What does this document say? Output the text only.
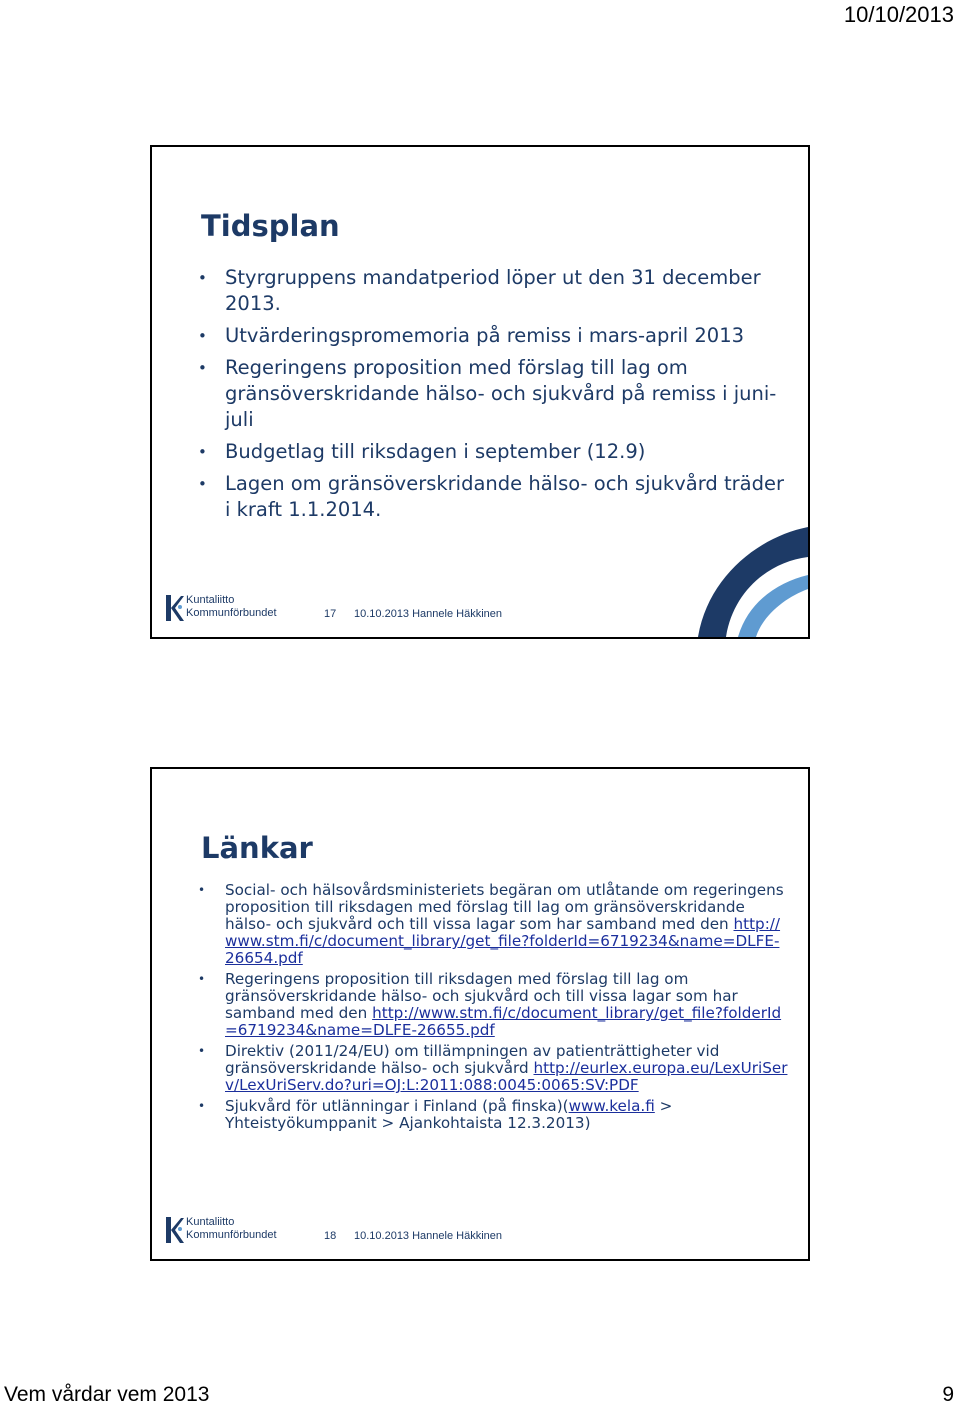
10/10/2013
Tidsplan
• Styrgruppens mandatperiod löper ut den 31 december 2013.
• Utvärderingspromemoria på remiss i mars-april 2013
• Regeringens proposition med förslag till lag om gränsöverskridande hälso- och sjukvård på remiss i juni-juli
• Budgetlag till riksdagen i september (12.9)
• Lagen om gränsöverskridande hälso- och sjukvård träder i kraft 1.1.2014.
Kuntaliitto
Kommunförbundet	17 10.10.2013 Hannele Häkkinen
Länkar
• Social- och hälsovårdsministeriets begäran om utlåtande om regeringens proposition till riksdagen med förslag till lag om gränsöverskridande hälso- och sjukvård och till vissa lagar som har samband med den http://www.stm.fi/c/document_library/get_file?folderId=6719234&name=DLFE-26654.pdf
• Regeringens proposition till riksdagen med förslag till lag om gränsöverskridande hälso- och sjukvård och till vissa lagar som har samband med den http://www.stm.fi/c/document_library/get_file?folderId=6719234&name=DLFE-26655.pdf
• Direktiv (2011/24/EU) om tillämpningen av patienträttigheter vid gränsöverskridande hälso- och sjukvård http://eurlex.europa.eu/LexUriServ/LexUriServ.do?uri=OJ:L:2011:088:0045:0065:SV:PDF
• Sjukvård för utlänningar i Finland (på finska)(www.kela.fi > Yhteistyökumppanit > Ajankohtaista 12.3.2013)
Kuntaliitto
Kommunförbundet	18 10.10.2013 Hannele Häkkinen
Vem vårdar vem 2013	9
